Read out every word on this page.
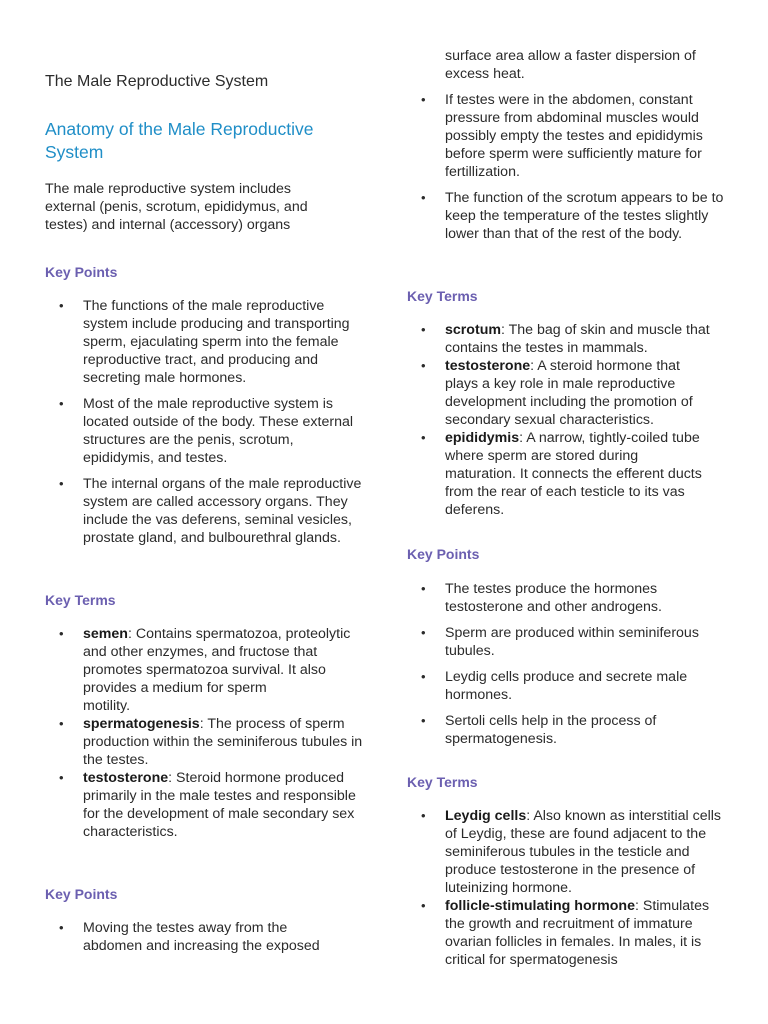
The Male Reproductive System
Anatomy of the Male Reproductive System

The male reproductive system includes external (penis, scrotum, epididymus, and testes) and internal (accessory) organs

Key Points
• The functions of the male reproductive system include producing and transporting sperm, ejaculating sperm into the female reproductive tract, and producing and secreting male hormones.
• Most of the male reproductive system is located outside of the body. These external structures are the penis, scrotum, epididymis, and testes.
• The internal organs of the male reproductive system are called accessory organs. They include the vas deferens, seminal vesicles, prostate gland, and bulbourethral glands.
Key Terms
• semen: Contains spermatozoa, proteolytic and other enzymes, and fructose that promotes spermatozoa survival. It also provides a medium for sperm
motility.
• spermatogenesis: The process of sperm production within the seminiferous tubules in the testes.
• testosterone: Steroid hormone produced primarily in the male testes and responsible for the development of male secondary sex characteristics.
Key Points
• Moving the testes away from the abdomen and increasing the exposed

surface area allow a faster dispersion of excess heat.

• If testes were in the abdomen, constant pressure from abdominal muscles would possibly empty the testes and epididymis before sperm were sufficiently mature for fertillization.
• The function of the scrotum appears to be to keep the temperature of the testes slightly lower than that of the rest of the body.
Key Terms
• scrotum: The bag of skin and muscle that contains the testes in mammals.
• testosterone: A steroid hormone that plays a key role in male reproductive development including the promotion of secondary sexual characteristics.
• epididymis: A narrow, tightly-coiled tube where sperm are stored during maturation. It connects the efferent ducts from the rear of each testicle to its vas deferens.
Key Points
• The testes produce the hormones testosterone and other androgens.
• Sperm are produced within seminiferous tubules.
• Leydig cells produce and secrete male hormones.
• Sertoli cells help in the process of spermatogenesis.
Key Terms
• Leydig cells: Also known as interstitial cells of Leydig, these are found adjacent to the seminiferous tubules in the testicle and produce testosterone in the presence of luteinizing hormone.
• follicle-stimulating hormone: Stimulates the growth and recruitment of immature ovarian follicles in females. In males, it is critical for spermatogenesis
